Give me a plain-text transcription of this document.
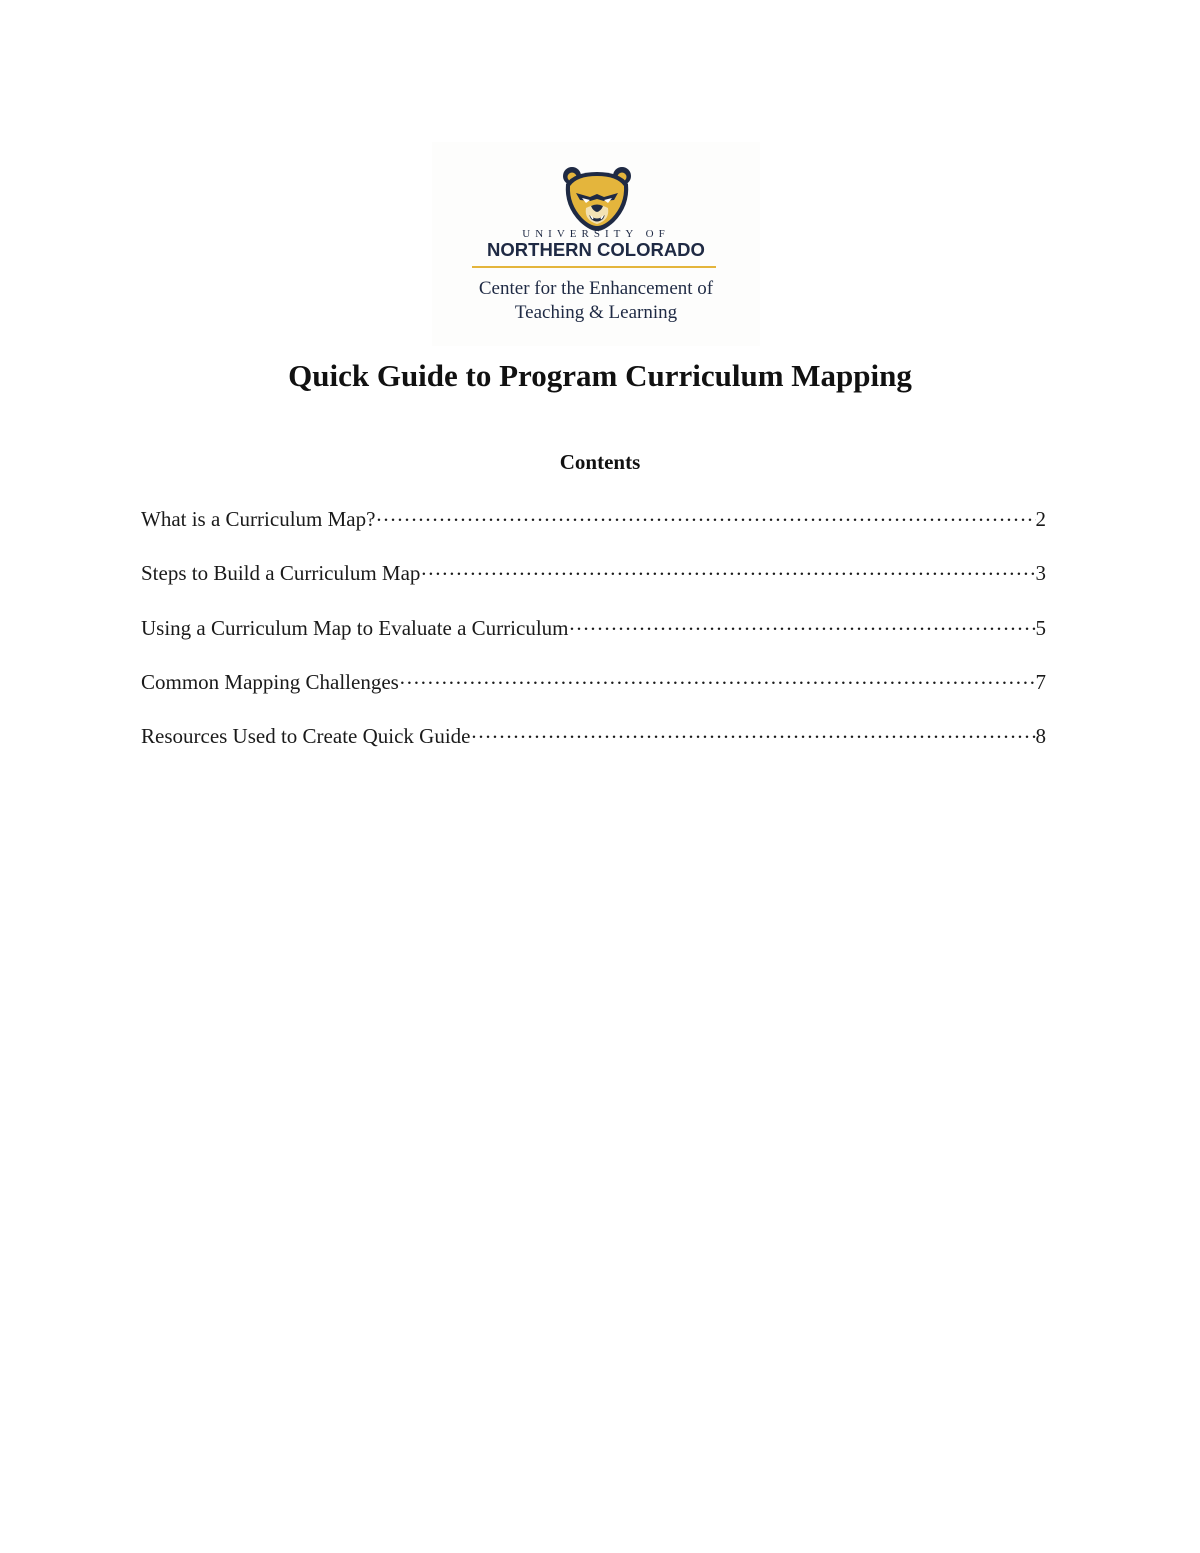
UNIVERSITY OF
NORTHERN COLORADO
Center for the Enhancement of
Teaching & Learning
Quick Guide to Program Curriculum Mapping
Contents
What is a Curriculum Map? ……………………………………………………………………………………………………………………………………………………………	2
Steps to Build a Curriculum Map ……………………………………………………………………………………………………………………………………………………………	3
Using a Curriculum Map to Evaluate a Curriculum ……………………………………………………………………………………………………………………………………………………………	5
Common Mapping Challenges ……………………………………………………………………………………………………………………………………………………………	7
Resources Used to Create Quick Guide ……………………………………………………………………………………………………………………………………………………………	8
